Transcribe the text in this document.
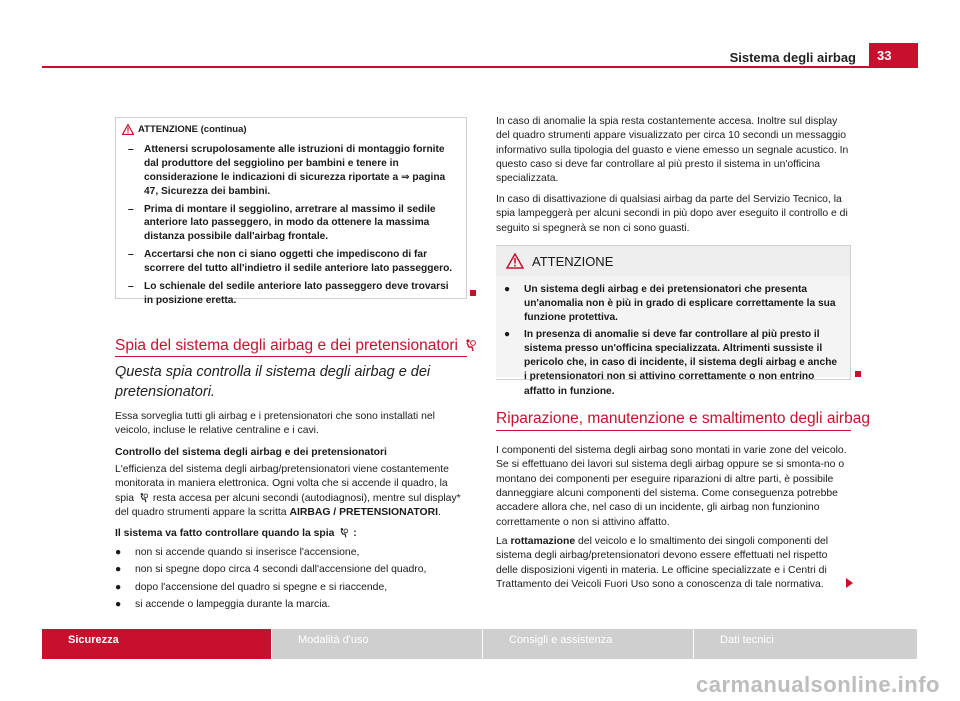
Sistema degli airbag	33
ATTENZIONE (continua)
–	Attenersi scrupolosamente alle istruzioni di montaggio fornite dal produttore del seggiolino per bambini e tenere in considerazione le indicazioni di sicurezza riportate a ⇒ pagina 47, Sicurezza dei bambini.
–	Prima di montare il seggiolino, arretrare al massimo il sedile anteriore lato passeggero, in modo da ottenere la massima distanza possibile dall'airbag frontale.
–	Accertarsi che non ci siano oggetti che impediscono di far scorrere del tutto all'indietro il sedile anteriore lato passeggero.
–	Lo schienale del sedile anteriore lato passeggero deve trovarsi in posizione eretta.
Spia del sistema degli airbag e dei pretensionatori
Questa spia controlla il sistema degli airbag e dei pretensionatori.
Essa sorveglia tutti gli airbag e i pretensionatori che sono installati nel veicolo, incluse le relative centraline e i cavi.
Controllo del sistema degli airbag e dei pretensionatori
L'efficienza del sistema degli airbag/pretensionatori viene costantemente monitorata in maniera elettronica. Ogni volta che si accende il quadro, la spia resta accesa per alcuni secondi (autodiagnosi), mentre sul display* del quadro strumenti appare la scritta AIRBAG / PRETENSIONATORI.
Il sistema va fatto controllare quando la spia :
●	non si accende quando si inserisce l'accensione,
●	non si spegne dopo circa 4 secondi dall'accensione del quadro,
●	dopo l'accensione del quadro si spegne e si riaccende,
●	si accende o lampeggia durante la marcia.
In caso di anomalie la spia resta costantemente accesa. Inoltre sul display del quadro strumenti appare visualizzato per circa 10 secondi un messaggio informativo sulla tipologia del guasto e viene emesso un segnale acustico. In questo caso si deve far controllare al più presto il sistema in un'officina specializzata.
In caso di disattivazione di qualsiasi airbag da parte del Servizio Tecnico, la spia lampeggerà per alcuni secondi in più dopo aver eseguito il controllo e di seguito si spegnerà se non ci sono guasti.
ATTENZIONE
●	Un sistema degli airbag e dei pretensionatori che presenta un'anomalia non è più in grado di esplicare correttamente la sua funzione protettiva.
●	In presenza di anomalie si deve far controllare al più presto il sistema presso un'officina specializzata. Altrimenti sussiste il pericolo che, in caso di incidente, il sistema degli airbag e anche i pretensionatori non si attivino correttamente o non entrino affatto in funzione.
Riparazione, manutenzione e smaltimento degli airbag
I componenti del sistema degli airbag sono montati in varie zone del veicolo. Se si effettuano dei lavori sul sistema degli airbag oppure se si smonta-no o montano dei componenti per eseguire riparazioni di altre parti, è possibile danneggiare alcuni componenti del sistema. Come conseguenza potrebbe accadere allora che, nel caso di un incidente, gli airbag non funzionino correttamente o non si attivino affatto.
La rottamazione del veicolo e lo smaltimento dei singoli componenti del sistema degli airbag/pretensionatori devono essere effettuati nel rispetto delle disposizioni vigenti in materia. Le officine specializzate e i Centri di Trattamento dei Veicoli Fuori Uso sono a conoscenza di tale normativa.
Sicurezza	Modalità d'uso	Consigli e assistenza	Dati tecnici
carmanualsonline.info
